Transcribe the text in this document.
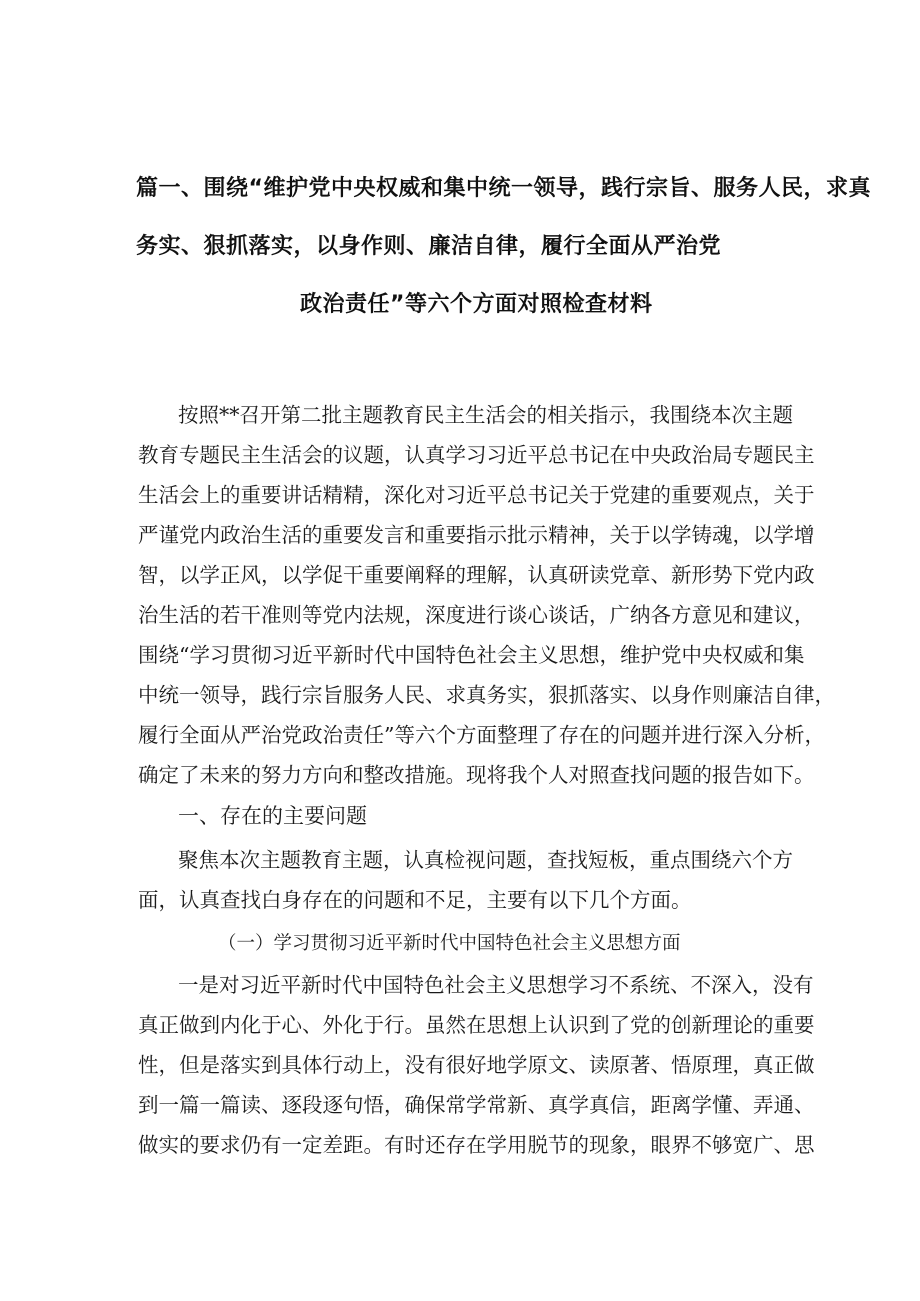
篇一、围绕“维护党中央权威和集中统一领导，践行宗旨、服务人民，求真
务实、狠抓落实，以身作则、廉洁自律，履行全面从严治党
政治责任”等六个方面对照检查材料
按照**召开第二批主题教育民主生活会的相关指示，我围绕本次主题
教育专题民主生活会的议题，认真学习习近平总书记在中央政治局专题民主
生活会上的重要讲话精精，深化对习近平总书记关于党建的重要观点，关于
严谨党内政治生活的重要发言和重要指示批示精神，关于以学铸魂，以学增
智，以学正风，以学促干重要阐释的理解，认真研读党章、新形势下党内政
治生活的若干准则等党内法规，深度进行谈心谈话，广纳各方意见和建议，
围绕“学习贯彻习近平新时代中国特色社会主义思想，维护党中央权威和集
中统一领导，践行宗旨服务人民、求真务实，狠抓落实、以身作则廉洁自律，
履行全面从严治党政治责任”等六个方面整理了存在的问题并进行深入分析，
确定了未来的努力方向和整改措施。现将我个人对照查找问题的报告如下。
一、存在的主要问题
聚焦本次主题教育主题，认真检视问题，查找短板，重点围绕六个方
面，认真查找白身存在的问题和不足，主要有以下几个方面。
（一）学习贯彻习近平新时代中国特色社会主义思想方面
一是对习近平新时代中国特色社会主义思想学习不系统、不深入，没有
真正做到内化于心、外化于行。虽然在思想上认识到了党的创新理论的重要
性，但是落实到具体行动上，没有很好地学原文、读原著、悟原理，真正做
到一篇一篇读、逐段逐句悟，确保常学常新、真学真信，距离学懂、弄通、
做实的要求仍有一定差距。有时还存在学用脱节的现象，眼界不够宽广、思
